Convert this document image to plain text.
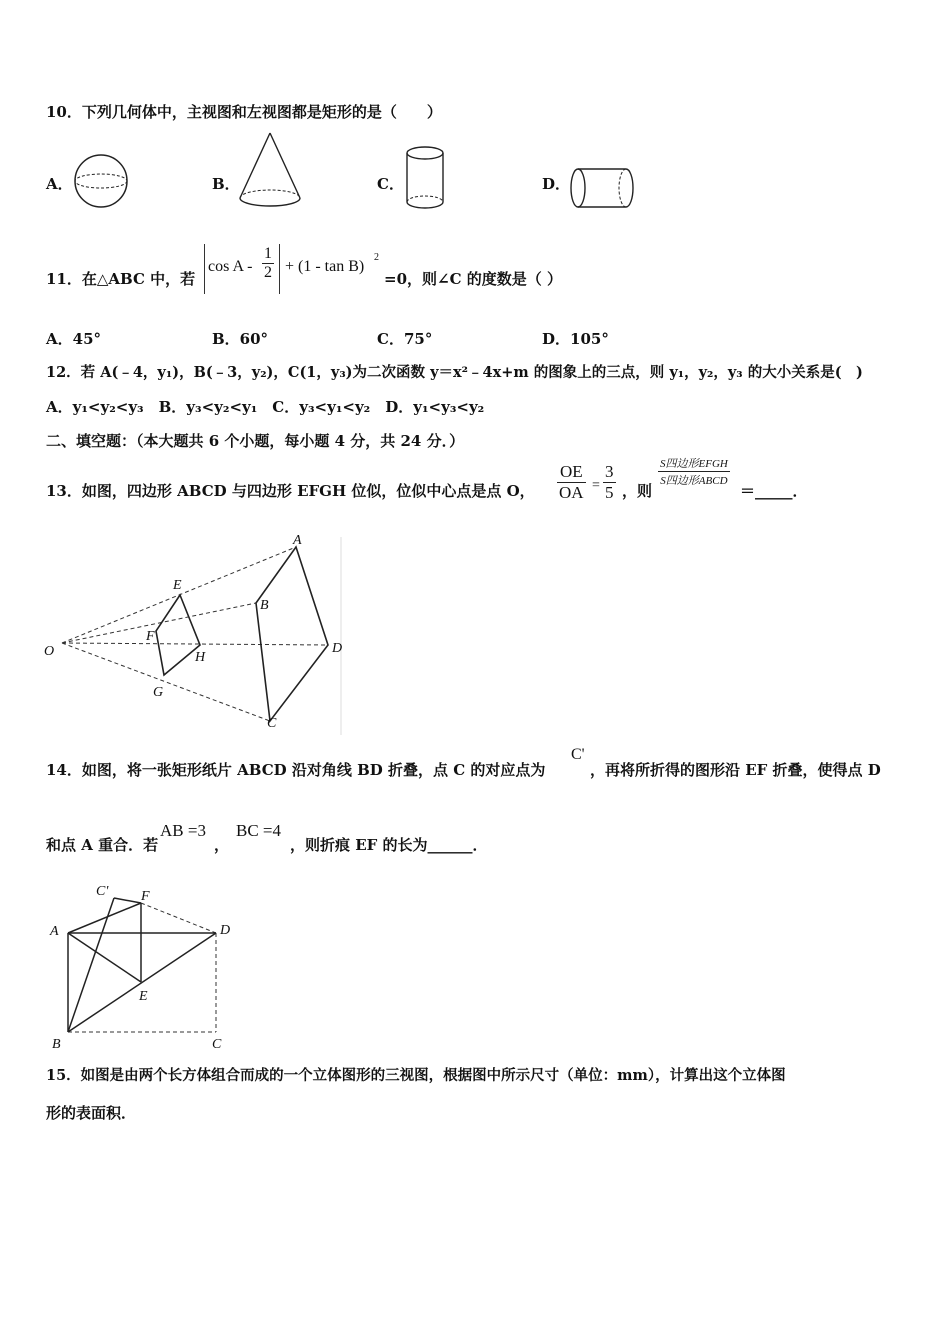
10．下列几何体中，主视图和左视图都是矩形的是（　　）
A．	B．	C．	D．
11．在△ABC 中，若
$\cos A - \frac{1}{2} + (1 - \tan B)$
2
=0，则∠C 的度数是（ ）
A．45°	B．60°	C．75°	D．105°
12．若 A(﹣4，y₁)，B(﹣3，y₂)，C(1，y₃)为二次函数 y＝x²﹣4x+m 的图象上的三点，则 y₁，y₂，y₃ 的大小关系是(　)
A．y₁<y₂<y₃　B．y₃<y₂<y₁　C．y₃<y₁<y₂　D．y₁<y₃<y₂
二、填空题：（本大题共 6 个小题，每小题 4 分，共 24 分．）
13．如图，四边形 ABCD 与四边形 EFGH 位似，位似中心点是点 O， $\frac{OE}{OA} = \frac{3}{5}$ ，则
S四边形EFGH
S四边形ABCD
＝_____．
A
B
C
D
E
F
G
H
O
14．如图，将一张矩形纸片 ABCD 沿对角线 BD 折叠，点 C 的对应点为
C'
，再将所折得的图形沿 EF 折叠，使得点 D
和点 A 重合．若
AB =3
，
BC =4
，则折痕 EF 的长为______．
C' F
A	D
E
B	C
15．如图是由两个长方体组合而成的一个立体图形的三视图，根据图中所示尺寸（单位：mm），计算出这个立体图
形的表面积．
